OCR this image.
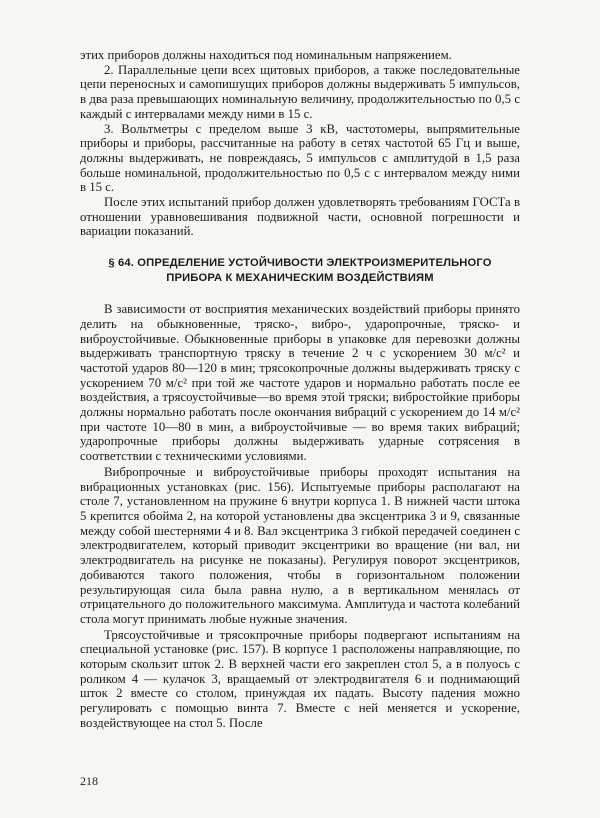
этих приборов должны находиться под номинальным напряжением.

2. Параллельные цепи всех щитовых приборов, а также последовательные цепи переносных и самопишущих приборов должны выдерживать 5 импульсов, в два раза превышающих номинальную величину, продолжительностью по 0,5 с каждый с интервалами между ними в 15 с.

3. Вольтметры с пределом выше 3 кВ, частотомеры, выпрямительные приборы и приборы, рассчитанные на работу в сетях частотой 65 Гц и выше, должны выдерживать, не повреждаясь, 5 импульсов с амплитудой в 1,5 раза больше номинальной, продолжительностью по 0,5 с с интервалом между ними в 15 с.

После этих испытаний прибор должен удовлетворять требованиям ГОСТа в отношении уравновешивания подвижной части, основной погрешности и вариации показаний.

§ 64. ОПРЕДЕЛЕНИЕ УСТОЙЧИВОСТИ ЭЛЕКТРОИЗМЕРИТЕЛЬНОГО ПРИБОРА К МЕХАНИЧЕСКИМ ВОЗДЕЙСТВИЯМ

В зависимости от восприятия механических воздействий приборы принято делить на обыкновенные, тряско-, вибро-, ударопрочные, тряско- и виброустойчивые. Обыкновенные приборы в упаковке для перевозки должны выдерживать транспортную тряску в течение 2 ч с ускорением 30 м/с² и частотой ударов 80—120 в мин; трясокопрочные должны выдерживать тряску с ускорением 70 м/с² при той же частоте ударов и нормально работать после ее воздействия, а трясоустойчивые—во время этой тряски; вибростойкие приборы должны нормально работать после окончания вибраций с ускорением до 14 м/с² при частоте 10—80 в мин, а виброустойчивые — во время таких вибраций; ударопрочные приборы должны выдерживать ударные сотрясения в соответствии с техническими условиями.

Вибропрочные и виброустойчивые приборы проходят испытания на вибрационных установках (рис. 156). Испытуемые приборы располагают на столе 7, установленном на пружине 6 внутри корпуса 1. В нижней части штока 5 крепится обойма 2, на которой установлены два эксцентрика 3 и 9, связанные между собой шестернями 4 и 8. Вал эксцентрика 3 гибкой передачей соединен с электродвигателем, который приводит эксцентрики во вращение (ни вал, ни электродвигатель на рисунке не показаны). Регулируя поворот эксцентриков, добиваются такого положения, чтобы в горизонтальном положении результирующая сила была равна нулю, а в вертикальном менялась от отрицательного до положительного максимума. Амплитуда и частота колебаний стола могут принимать любые нужные значения.

Трясоустойчивые и трясокпрочные приборы подвергают испытаниям на специальной установке (рис. 157). В корпусе 1 расположены направляющие, по которым скользит шток 2. В верхней части его закреплен стол 5, а в полуось с роликом 4 — кулачок 3, вращаемый от электродвигателя 6 и поднимающий шток 2 вместе со столом, принуждая их падать. Высоту падения можно регулировать с помощью винта 7. Вместе с ней меняется и ускорение, воздействующее на стол 5. После

218
